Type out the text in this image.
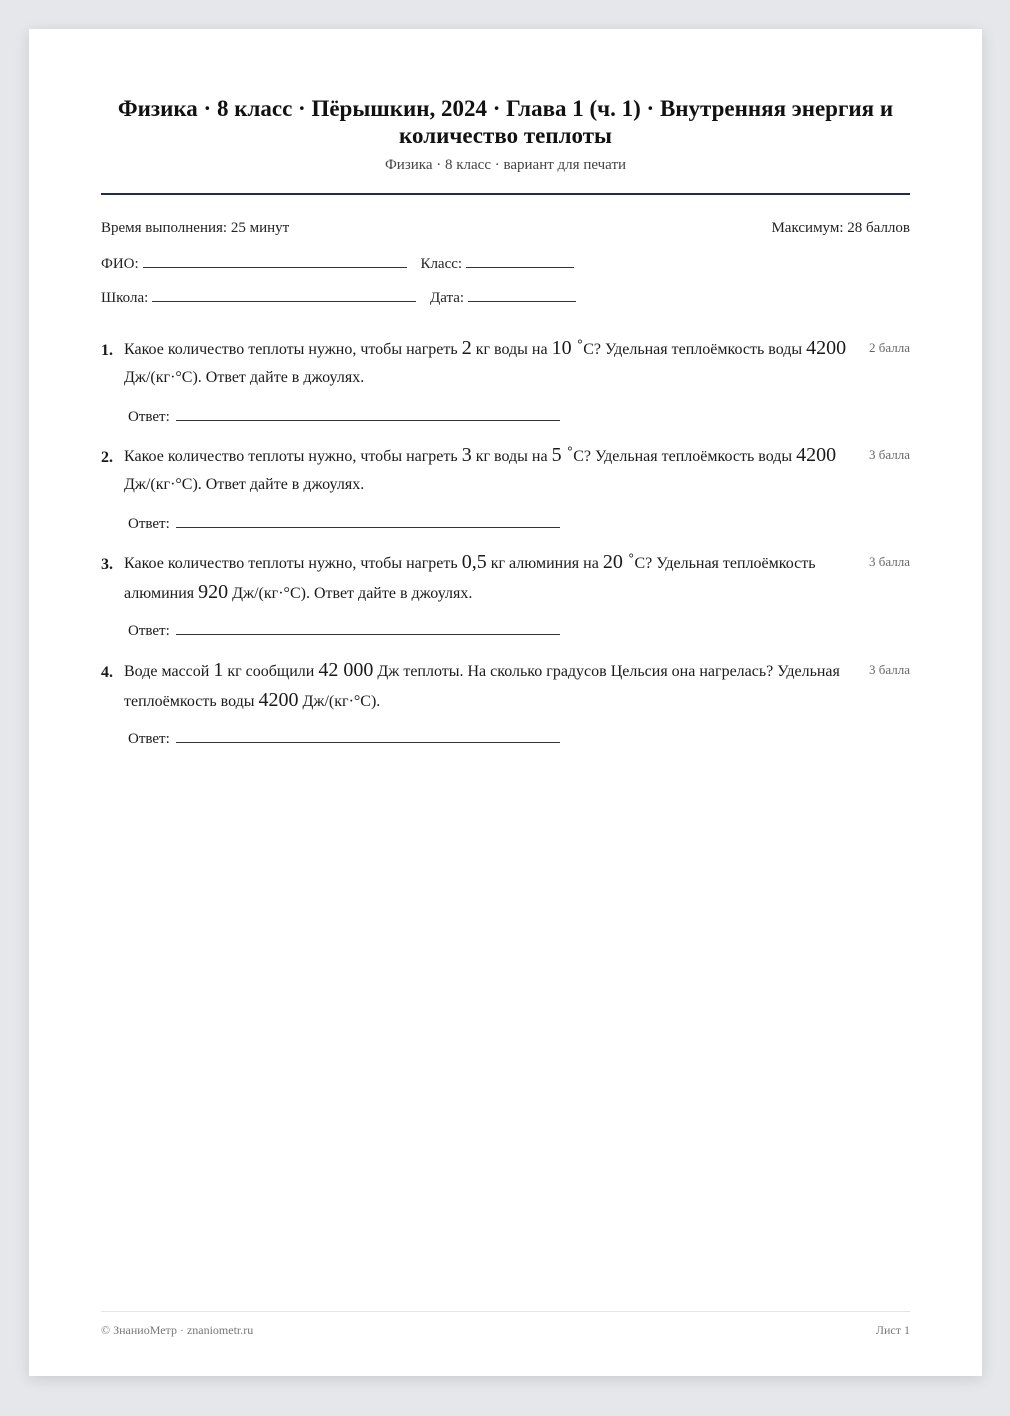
Физика · 8 класс · Пёрышкин, 2024 · Глава 1 (ч. 1) · Внутренняя энергия и количество теплоты
Физика · 8 класс · вариант для печати
Время выполнения: 25 минут	Максимум: 28 баллов
ФИО:	Класс:
Школа:	Дата:
1. Какое количество теплоты нужно, чтобы нагреть 2 кг воды на 10 ˚C? Удельная теплоёмкость воды 4200 Дж/(кг·°C). Ответ дайте в джоулях.
2 балла
Ответ:
2. Какое количество теплоты нужно, чтобы нагреть 3 кг воды на 5 ˚C? Удельная теплоёмкость воды 4200 Дж/(кг·°C). Ответ дайте в джоулях.
3 балла
Ответ:
3. Какое количество теплоты нужно, чтобы нагреть 0,5 кг алюминия на 20 ˚C? Удельная теплоёмкость алюминия 920 Дж/(кг·°C). Ответ дайте в джоулях.
3 балла
Ответ:
4. Воде массой 1 кг сообщили 42 000 Дж теплоты. На сколько градусов Цельсия она нагрелась? Удельная теплоёмкость воды 4200 Дж/(кг·°C).
3 балла
Ответ:
© ЗнаниоМетр · znaniometr.ru	Лист 1
